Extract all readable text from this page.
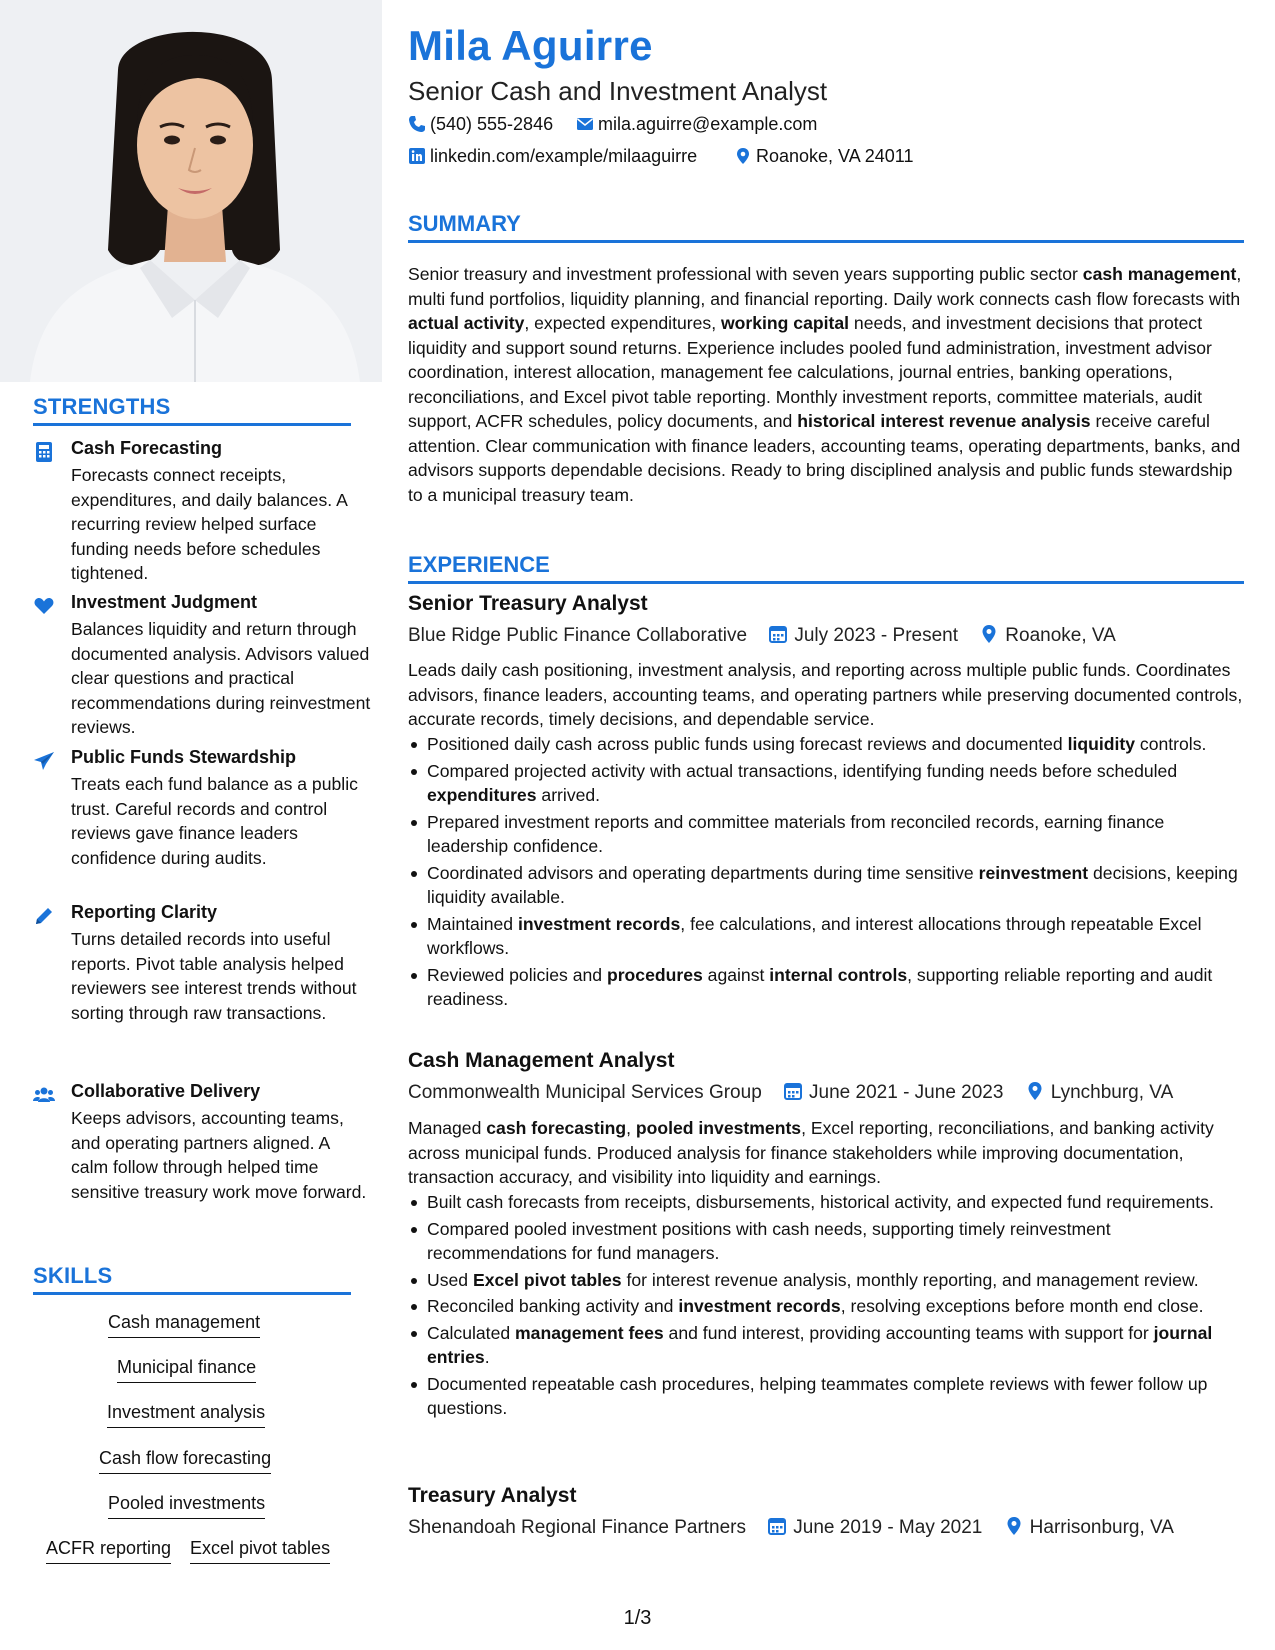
STRENGTHS
Cash Forecasting
Forecasts connect receipts, expenditures, and daily balances. A recurring review helped surface funding needs before schedules tightened.
Investment Judgment
Balances liquidity and return through documented analysis. Advisors valued clear questions and practical recommendations during reinvestment reviews.
Public Funds Stewardship
Treats each fund balance as a public trust. Careful records and control reviews gave finance leaders confidence during audits.
Reporting Clarity
Turns detailed records into useful reports. Pivot table analysis helped reviewers see interest trends without sorting through raw transactions.
Collaborative Delivery
Keeps advisors, accounting teams, and operating partners aligned. A calm follow through helped time sensitive treasury work move forward.
SKILLS
Cash management
Municipal finance
Investment analysis
Cash flow forecasting
Pooled investments
ACFR reporting Excel pivot tables
Mila Aguirre
Senior Cash and Investment Analyst
(540) 555-2846	mila.aguirre@example.com
linkedin.com/example/milaaguirre	Roanoke, VA 24011
SUMMARY
Senior treasury and investment professional with seven years supporting public sector cash management, multi fund portfolios, liquidity planning, and financial reporting. Daily work connects cash flow forecasts with actual activity, expected expenditures, working capital needs, and investment decisions that protect liquidity and support sound returns. Experience includes pooled fund administration, investment advisor coordination, interest allocation, management fee calculations, journal entries, banking operations, reconciliations, and Excel pivot table reporting. Monthly investment reports, committee materials, audit support, ACFR schedules, policy documents, and historical interest revenue analysis receive careful attention. Clear communication with finance leaders, accounting teams, operating departments, banks, and advisors supports dependable decisions. Ready to bring disciplined analysis and public funds stewardship to a municipal treasury team.
EXPERIENCE
Senior Treasury Analyst
Blue Ridge Public Finance Collaborative July 2023 - Present Roanoke, VA
Leads daily cash positioning, investment analysis, and reporting across multiple public funds. Coordinates advisors, finance leaders, accounting teams, and operating partners while preserving documented controls, accurate records, timely decisions, and dependable service.
Positioned daily cash across public funds using forecast reviews and documented liquidity controls.
Compared projected activity with actual transactions, identifying funding needs before scheduled expenditures arrived.
Prepared investment reports and committee materials from reconciled records, earning finance leadership confidence.
Coordinated advisors and operating departments during time sensitive reinvestment decisions, keeping liquidity available.
Maintained investment records, fee calculations, and interest allocations through repeatable Excel workflows.
Reviewed policies and procedures against internal controls, supporting reliable reporting and audit readiness.
Cash Management Analyst
Commonwealth Municipal Services Group June 2021 - June 2023 Lynchburg, VA
Managed cash forecasting, pooled investments, Excel reporting, reconciliations, and banking activity across municipal funds. Produced analysis for finance stakeholders while improving documentation, transaction accuracy, and visibility into liquidity and earnings.
Built cash forecasts from receipts, disbursements, historical activity, and expected fund requirements.
Compared pooled investment positions with cash needs, supporting timely reinvestment recommendations for fund managers.
Used Excel pivot tables for interest revenue analysis, monthly reporting, and management review.
Reconciled banking activity and investment records, resolving exceptions before month end close.
Calculated management fees and fund interest, providing accounting teams with support for journal entries.
Documented repeatable cash procedures, helping teammates complete reviews with fewer follow up questions.
Treasury Analyst
Shenandoah Regional Finance Partners June 2019 - May 2021 Harrisonburg, VA
1/3
